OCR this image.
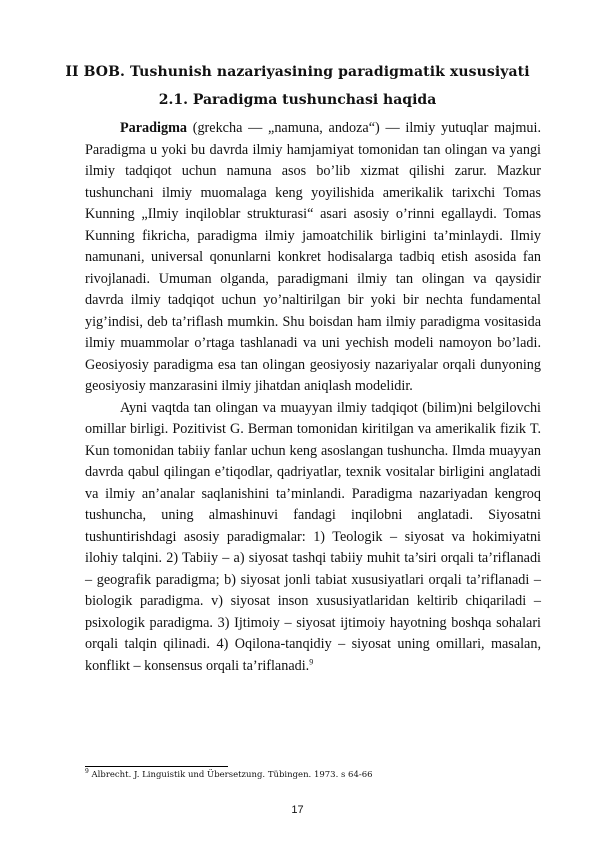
II BOB. Tushunish nazariyasining paradigmatik xususiyati
2.1. Paradigma tushunchasi haqida

Paradigma (grekcha — „namuna, andoza“) — ilmiy yutuqlar majmui. Paradigma u yoki bu davrda ilmiy hamjamiyat tomonidan tan olingan va yangi ilmiy tadqiqot uchun namuna asos bo’lib xizmat qilishi zarur. Mazkur tushunchani ilmiy muomalaga keng yoyilishida amerikalik tarixchi Tomas Kunning „Ilmiy inqiloblar strukturasi“ asari asosiy o’rinni egallaydi. Tomas Kunning fikricha, paradigma ilmiy jamoatchilik birligini ta’minlaydi. Ilmiy namunani, universal qonunlarni konkret hodisalarga tadbiq etish asosida fan rivojlanadi. Umuman olganda, paradigmani ilmiy tan olingan va qaysidir davrda ilmiy tadqiqot uchun yo’naltirilgan bir yoki bir nechta fundamental yig’indisi, deb ta’riflash mumkin. Shu boisdan ham ilmiy paradigma vositasida ilmiy muammolar o’rtaga tashlanadi va uni yechish modeli namoyon bo’ladi. Geosiyosiy paradigma esa tan olingan geosiyosiy nazariyalar orqali dunyoning geosiyosiy manzarasini ilmiy jihatdan aniqlash modelidir.

Ayni vaqtda tan olingan va muayyan ilmiy tadqiqot (bilim)ni belgilovchi omillar birligi. Pozitivist G. Berman tomonidan kiritilgan va amerikalik fizik T. Kun tomonidan tabiiy fanlar uchun keng asoslangan tushuncha. Ilmda muayyan davrda qabul qilingan e’tiqodlar, qadriyatlar, texnik vositalar birligini anglatadi va ilmiy an’analar saqlanishini ta’minlandi. Paradigma nazariyadan kengroq tushuncha, uning almashinuvi fandagi inqilobni anglatadi. Siyosatni tushuntirishdagi asosiy paradigmalar: 1) Teologik – siyosat va hokimiyatni ilohiy talqini. 2) Tabiiy – a) siyosat tashqi tabiiy muhit ta’siri orqali ta’riflanadi – geografik paradigma; b) siyosat jonli tabiat xususiyatlari orqali ta’riflanadi – biologik paradigma. v) siyosat inson xususiyatlaridan keltirib chiqariladi – psixologik paradigma. 3) Ijtimoiy – siyosat ijtimoiy hayotning boshqa sohalari orqali talqin qilinadi. 4) Oqilona-tanqidiy – siyosat uning omillari, masalan, konflikt – konsensus orqali ta’riflanadi.$^9$

$^9$ Albrecht. J. Linguistik und Übersetzung. Tübingen. 1973. s 64-66
17
